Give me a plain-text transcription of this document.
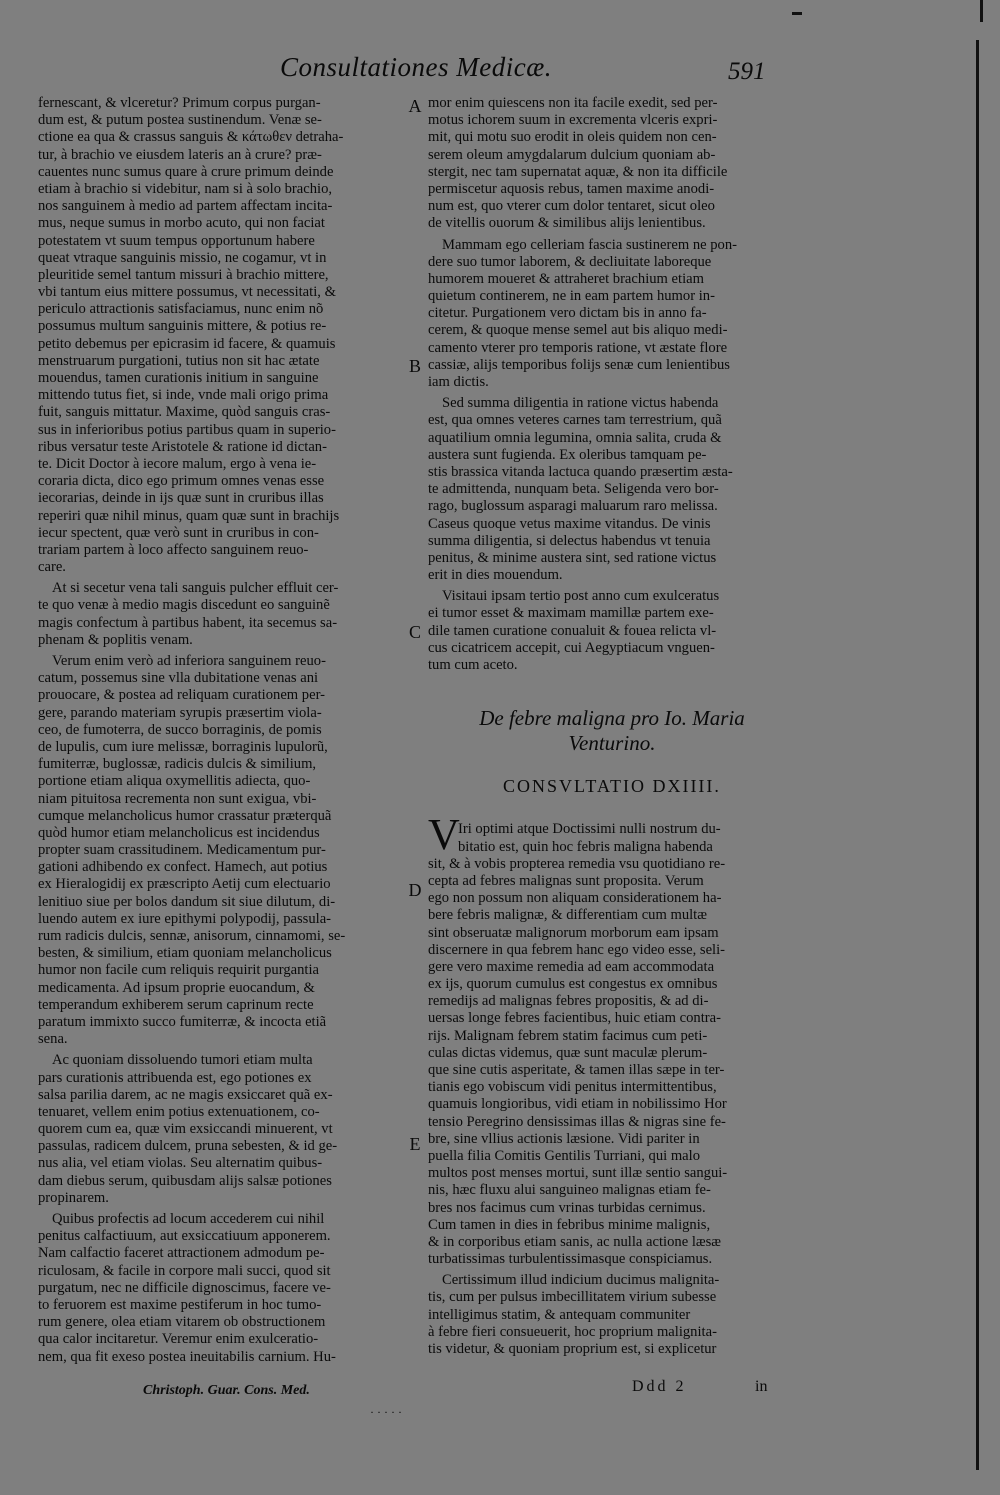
Consultationes Medicæ.	591
A
B
C
D
E

fernescant, & vlceretur? Primum corpus purgan-
dum est, & putum postea sustinendum. Venæ se-
ctione ea qua & crassus sanguis & κάτωθεν detraha-
tur, à brachio ve eiusdem lateris an à crure? præ-
cauentes nunc sumus quare à crure primum deinde
etiam à brachio si videbitur, nam si à solo brachio,
nos sanguinem à medio ad partem affectam incita-
mus, neque sumus in morbo acuto, qui non faciat
potestatem vt suum tempus opportunum habere
queat vtraque sanguinis missio, ne cogamur, vt in
pleuritide semel tantum missuri à brachio mittere,
vbi tantum eius mittere possumus, vt necessitati, &
periculo attractionis satisfaciamus, nunc enim nõ
possumus multum sanguinis mittere, & potius re-
petito debemus per epicrasim id facere, & quamuis
menstruarum purgationi, tutius non sit hac ætate
mouendus, tamen curationis initium in sanguine
mittendo tutus fiet, si inde, vnde mali origo prima
fuit, sanguis mittatur. Maxime, quòd sanguis cras-
sus in inferioribus potius partibus quam in superio-
ribus versatur teste Aristotele & ratione id dictan-
te. Dicit Doctor à iecore malum, ergo à vena ie-
coraria dicta, dico ego primum omnes venas esse
iecorarias, deinde in ijs quæ sunt in cruribus illas
reperiri quæ nihil minus, quam quæ sunt in brachijs
iecur spectent, quæ verò sunt in cruribus in con-
trariam partem à loco affecto sanguinem reuo-
care.

At si secetur vena tali sanguis pulcher effluit cer-
te quo venæ à medio magis discedunt eo sanguinẽ
magis confectum à partibus habent, ita secemus sa-
phenam & poplitis venam.

Verum enim verò ad inferiora sanguinem reuo-
catum, possemus sine vlla dubitatione venas ani
prouocare, & postea ad reliquam curationem per-
gere, parando materiam syrupis præsertim viola-
ceo, de fumoterra, de succo borraginis, de pomis
de lupulis, cum iure melissæ, borraginis lupulorũ,
fumiterræ, buglossæ, radicis dulcis & similium,
portione etiam aliqua oxymellitis adiecta, quo-
niam pituitosa recrementa non sunt exigua, vbi-
cumque melancholicus humor crassatur præterquã
quòd humor etiam melancholicus est incidendus
propter suam crassitudinem. Medicamentum pur-
gationi adhibendo ex confect. Hamech, aut potius
ex Hieralogidij ex præscripto Aetij cum electuario
lenitiuo siue per bolos dandum sit siue dilutum, di-
luendo autem ex iure epithymi polypodij, passula-
rum radicis dulcis, sennæ, anisorum, cinnamomi, se-
besten, & similium, etiam quoniam melancholicus
humor non facile cum reliquis requirit purgantia
medicamenta. Ad ipsum proprie euocandum, &
temperandum exhiberem serum caprinum recte
paratum immixto succo fumiterræ, & incocta etiã
sena.

Ac quoniam dissoluendo tumori etiam multa
pars curationis attribuenda est, ego potiones ex
salsa parilia darem, ac ne magis exsiccaret quã ex-
tenuaret, vellem enim potius extenuationem, co-
quorem cum ea, quæ vim exsiccandi minuerent, vt
passulas, radicem dulcem, pruna sebesten, & id ge-
nus alia, vel etiam violas. Seu alternatim quibus-
dam diebus serum, quibusdam alijs salsæ potiones
propinarem.

Quibus profectis ad locum accederem cui nihil
penitus calfactiuum, aut exsiccatiuum apponerem.
Nam calfactio faceret attractionem admodum pe-
riculosam, & facile in corpore mali succi, quod sit
purgatum, nec ne difficile dignoscimus, facere ve-
to feruorem est maxime pestiferum in hoc tumo-
rum genere, olea etiam vitarem ob obstructionem
qua calor incitaretur. Veremur enim exulceratio-
nem, qua fit exeso postea ineuitabilis carnium. Hu-

mor enim quiescens non ita facile exedit, sed per-
motus ichorem suum in excrementa vlceris expri-
mit, qui motu suo erodit in oleis quidem non cen-
serem oleum amygdalarum dulcium quoniam ab-
stergit, nec tam supernatat aquæ, & non ita difficile
permiscetur aquosis rebus, tamen maxime anodi-
num est, quo vterer cum dolor tentaret, sicut oleo
de vitellis ouorum & similibus alijs lenientibus.

Mammam ego celleriam fascia sustinerem ne pon-
dere suo tumor laborem, & decliuitate laboreque
humorem moueret & attraheret brachium etiam
quietum continerem, ne in eam partem humor in-
citetur. Purgationem vero dictam bis in anno fa-
cerem, & quoque mense semel aut bis aliquo medi-
camento vterer pro temporis ratione, vt æstate flore
cassiæ, alijs temporibus folijs senæ cum lenientibus
iam dictis.

Sed summa diligentia in ratione victus habenda
est, qua omnes veteres carnes tam terrestrium, quã
aquatilium omnia legumina, omnia salita, cruda &
austera sunt fugienda. Ex oleribus tamquam pe-
stis brassica vitanda lactuca quando præsertim æsta-
te admittenda, nunquam beta. Seligenda vero bor-
rago, buglossum asparagi maluarum raro melissa.
Caseus quoque vetus maxime vitandus. De vinis
summa diligentia, si delectus habendus vt tenuia
penitus, & minime austera sint, sed ratione victus
erit in dies mouendum.

Visitaui ipsam tertio post anno cum exulceratus
ei tumor esset & maximam mamillæ partem exe-
dile tamen curatione conualuit & fouea relicta vl-
cus cicatricem accepit, cui Aegyptiacum vnguen-
tum cum aceto.

De febre maligna pro Io. Maria
Venturino.
CONSVLTATIO DXIIII.
V

Iri optimi atque Doctissimi nulli nostrum du-
bitatio est, quin hoc febris maligna habenda
sit, & à vobis propterea remedia vsu quotidiano re-
cepta ad febres malignas sunt proposita. Verum
ego non possum non aliquam considerationem ha-
bere febris malignæ, & differentiam cum multæ
sint obseruatæ malignorum morborum eam ipsam
discernere in qua febrem hanc ego video esse, seli-
gere vero maxime remedia ad eam accommodata
ex ijs, quorum cumulus est congestus ex omnibus
remedijs ad malignas febres propositis, & ad di-
uersas longe febres facientibus, huic etiam contra-
rijs. Malignam febrem statim facimus cum peti-
culas dictas videmus, quæ sunt maculæ plerum-
que sine cutis asperitate, & tamen illas sæpe in ter-
tianis ego vobiscum vidi penitus intermittentibus,
quamuis longioribus, vidi etiam in nobilissimo Hor
tensio Peregrino densissimas illas & nigras sine fe-
bre, sine vllius actionis læsione. Vidi pariter in
puella filia Comitis Gentilis Turriani, qui malo
multos post menses mortui, sunt illæ sentio sangui-
nis, hæc fluxu alui sanguineo malignas etiam fe-
bres nos facimus cum vrinas turbidas cernimus.
Cum tamen in dies in febribus minime malignis,
& in corporibus etiam sanis, ac nulla actione læsæ
turbatissimas turbulentissimasque conspiciamus.

Certissimum illud indicium ducimus malignita-
tis, cum per pulsus imbecillitatem virium subesse
intelligimus statim, & antequam communiter
à febre fieri consueuerit, hoc proprium malignita-
tis videtur, & quoniam proprium est, si explicetur

Christoph. Guar. Cons. Med.	Ddd 2	in
· · · · ·
